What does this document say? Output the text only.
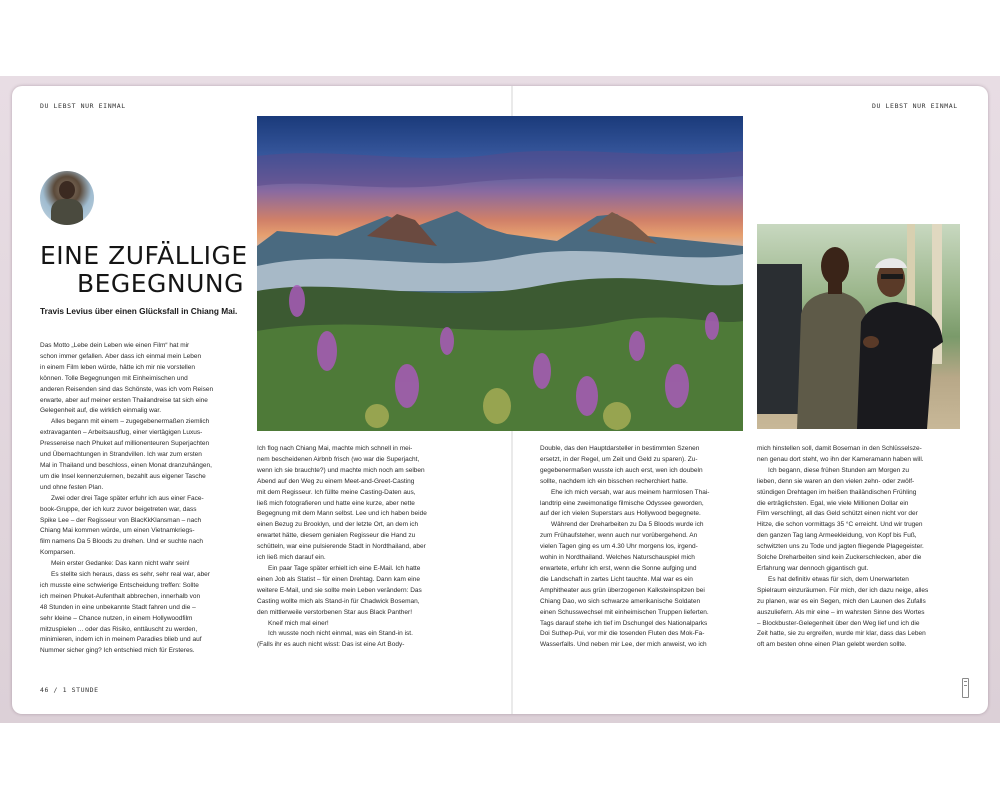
DU LEBST NUR EINMAL	DU LEBST NUR EINMAL
EINE ZUFÄLLIGE
BEGEGNUNG
Travis Levius über einen Glücksfall in Chiang Mai.

Das Motto „Lebe dein Leben wie einen Film“ hat mir

schon immer gefallen. Aber dass ich einmal mein Leben

in einem Film leben würde, hätte ich mir nie vorstellen

können. Tolle Begegnungen mit Einheimischen und

anderen Reisenden sind das Schönste, was ich vom Reisen

erwarte, aber auf meiner ersten Thailandreise tat sich eine

Gelegenheit auf, die wirklich einmalig war.

Alles begann mit einem – zugegebenermaßen ziemlich

extravaganten – Arbeitsausflug, einer viertägigen Luxus-

Pressereise nach Phuket auf millionenteuren Superjachten

und Übernachtungen in Strandvillen. Ich war zum ersten

Mal in Thailand und beschloss, einen Monat dranzuhängen,

um die Insel kennenzulernen, bezahlt aus eigener Tasche

und ohne festen Plan.

Zwei oder drei Tage später erfuhr ich aus einer Face-

book-Gruppe, der ich kurz zuvor beigetreten war, dass

Spike Lee – der Regisseur von BlacKkKlansman – nach

Chiang Mai kommen würde, um einen Vietnamkriegs-

film namens Da 5 Bloods zu drehen. Und er suchte nach

Komparsen.

Mein erster Gedanke: Das kann nicht wahr sein!

Es stellte sich heraus, dass es sehr, sehr real war, aber

ich musste eine schwierige Entscheidung treffen: Sollte

ich meinen Phuket-Aufenthalt abbrechen, innerhalb von

48 Stunden in eine unbekannte Stadt fahren und die –

sehr kleine – Chance nutzen, in einem Hollywoodfilm

mitzuspielen ... oder das Risiko, enttäuscht zu werden,

minimieren, indem ich in meinem Paradies blieb und auf

Nummer sicher ging? Ich entschied mich für Ersteres.

Ich flog nach Chiang Mai, machte mich schnell in mei-

nem bescheidenen Airbnb frisch (wo war die Superjacht,

wenn ich sie brauchte?) und machte mich noch am selben

Abend auf den Weg zu einem Meet-and-Greet-Casting

mit dem Regisseur. Ich füllte meine Casting-Daten aus,

ließ mich fotografieren und hatte eine kurze, aber nette

Begegnung mit dem Mann selbst. Lee und ich haben beide

einen Bezug zu Brooklyn, und der letzte Ort, an dem ich

erwartet hätte, diesem genialen Regisseur die Hand zu

schütteln, war eine pulsierende Stadt in Nordthailand, aber

ich ließ mich darauf ein.

Ein paar Tage später erhielt ich eine E-Mail. Ich hatte

einen Job als Statist – für einen Drehtag. Dann kam eine

weitere E-Mail, und sie sollte mein Leben verändern: Das

Casting wollte mich als Stand-in für Chadwick Boseman,

den mittlerweile verstorbenen Star aus Black Panther!

Kneif mich mal einer!

Ich wusste noch nicht einmal, was ein Stand-in ist.

(Falls ihr es auch nicht wisst: Das ist eine Art Body-

Double, das den Hauptdarsteller in bestimmten Szenen

ersetzt, in der Regel, um Zeit und Geld zu sparen). Zu-

gegebenermaßen wusste ich auch erst, wen ich doubeln

sollte, nachdem ich ein bisschen recherchiert hatte.

Ehe ich mich versah, war aus meinem harmlosen Thai-

landtrip eine zweimonatige filmische Odyssee geworden,

auf der ich vielen Superstars aus Hollywood begegnete.

Während der Dreharbeiten zu Da 5 Bloods wurde ich

zum Frühaufsteher, wenn auch nur vorübergehend. An

vielen Tagen ging es um 4.30 Uhr morgens los, irgend-

wohin in Nordthailand. Welches Naturschauspiel mich

erwartete, erfuhr ich erst, wenn die Sonne aufging und

die Landschaft in zartes Licht tauchte. Mal war es ein

Amphitheater aus grün überzogenen Kalksteinspitzen bei

Chiang Dao, wo sich schwarze amerikanische Soldaten

einen Schusswechsel mit einheimischen Truppen lieferten.

Tags darauf stehe ich tief im Dschungel des Nationalparks

Doi Suthep-Pui, vor mir die tosenden Fluten des Mok-Fa-

Wasserfalls. Und neben mir Lee, der mich anweist, wo ich

mich hinstellen soll, damit Boseman in den Schlüsselsze-

nen genau dort steht, wo ihn der Kameramann haben will.

Ich begann, diese frühen Stunden am Morgen zu

lieben, denn sie waren an den vielen zehn- oder zwölf-

stündigen Drehtagen im heißen thailändischen Frühling

die erträglichsten. Egal, wie viele Millionen Dollar ein

Film verschlingt, all das Geld schützt einen nicht vor der

Hitze, die schon vormittags 35 °C erreicht. Und wir trugen

den ganzen Tag lang Armeekleidung, von Kopf bis Fuß,

schwitzten uns zu Tode und jagten fliegende Plagegeister.

Solche Dreharbeiten sind kein Zuckerschlecken, aber die

Erfahrung war dennoch gigantisch gut.

Es hat definitiv etwas für sich, dem Unerwarteten

Spielraum einzuräumen. Für mich, der ich dazu neige, alles

zu planen, war es ein Segen, mich den Launen des Zufalls

auszuliefern. Als mir eine – im wahrsten Sinne des Wortes

– Blockbuster-Gelegenheit über den Weg lief und ich die

Zeit hatte, sie zu ergreifen, wurde mir klar, dass das Leben

oft am besten ohne einen Plan gelebt werden sollte.

46 / 1 STUNDE
